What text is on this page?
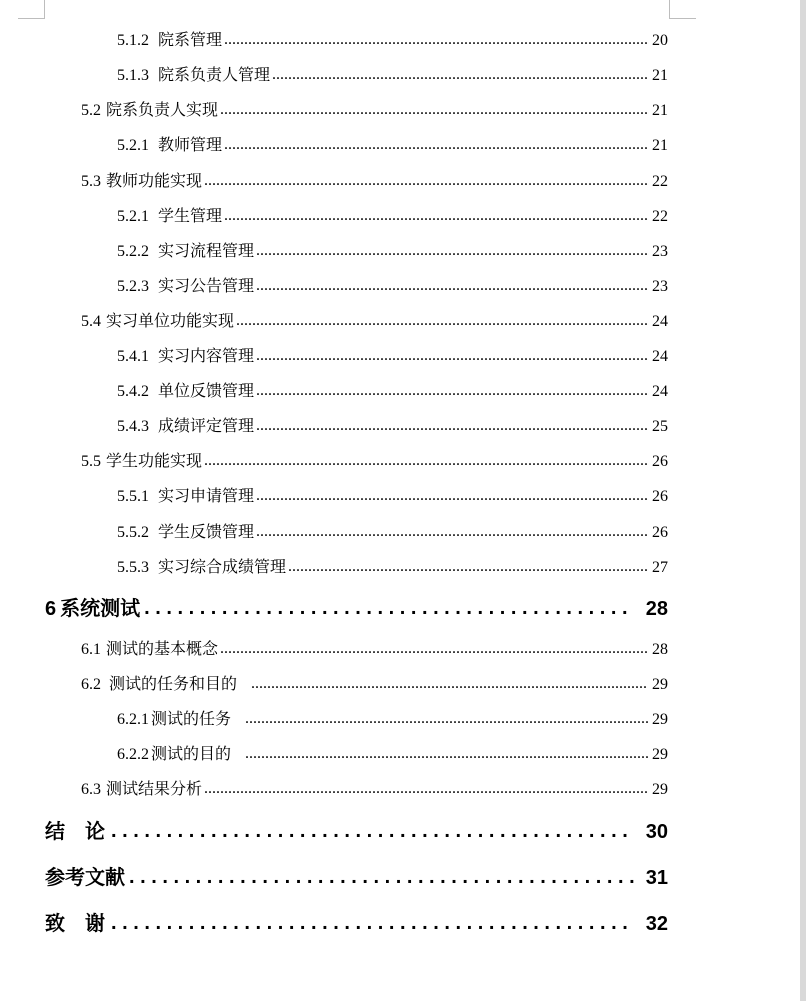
5.1.2 院系管理 .....	20
5.1.3 院系负责人管理 .....	21
5.2 院系负责人实现 .....	21
5.2.1 教师管理 .....	21
5.3 教师功能实现 .....	22
5.2.1 学生管理 .....	22
5.2.2 实习流程管理 .....	23
5.2.3 实习公告管理 .....	23
5.4 实习单位功能实现 .....	24
5.4.1 实习内容管理 .....	24
5.4.2 单位反馈管理 .....	24
5.4.3 成绩评定管理 .....	25
5.5 学生功能实现 .....	26
5.5.1 实习申请管理 .....	26
5.5.2 学生反馈管理 .....	26
5.5.3 实习综合成绩管理 .....	27
6 系统测试 . . .	28
6.1 测试的基本概念 .....	28
6.2 测试的任务和目的 .....	29
6.2.1 测试的任务 .....	29
6.2.2 测试的目的 .....	29
6.3 测试结果分析 .....	29
结论 . . .	30
参考文献 . . .	31
致谢 . . .	32
